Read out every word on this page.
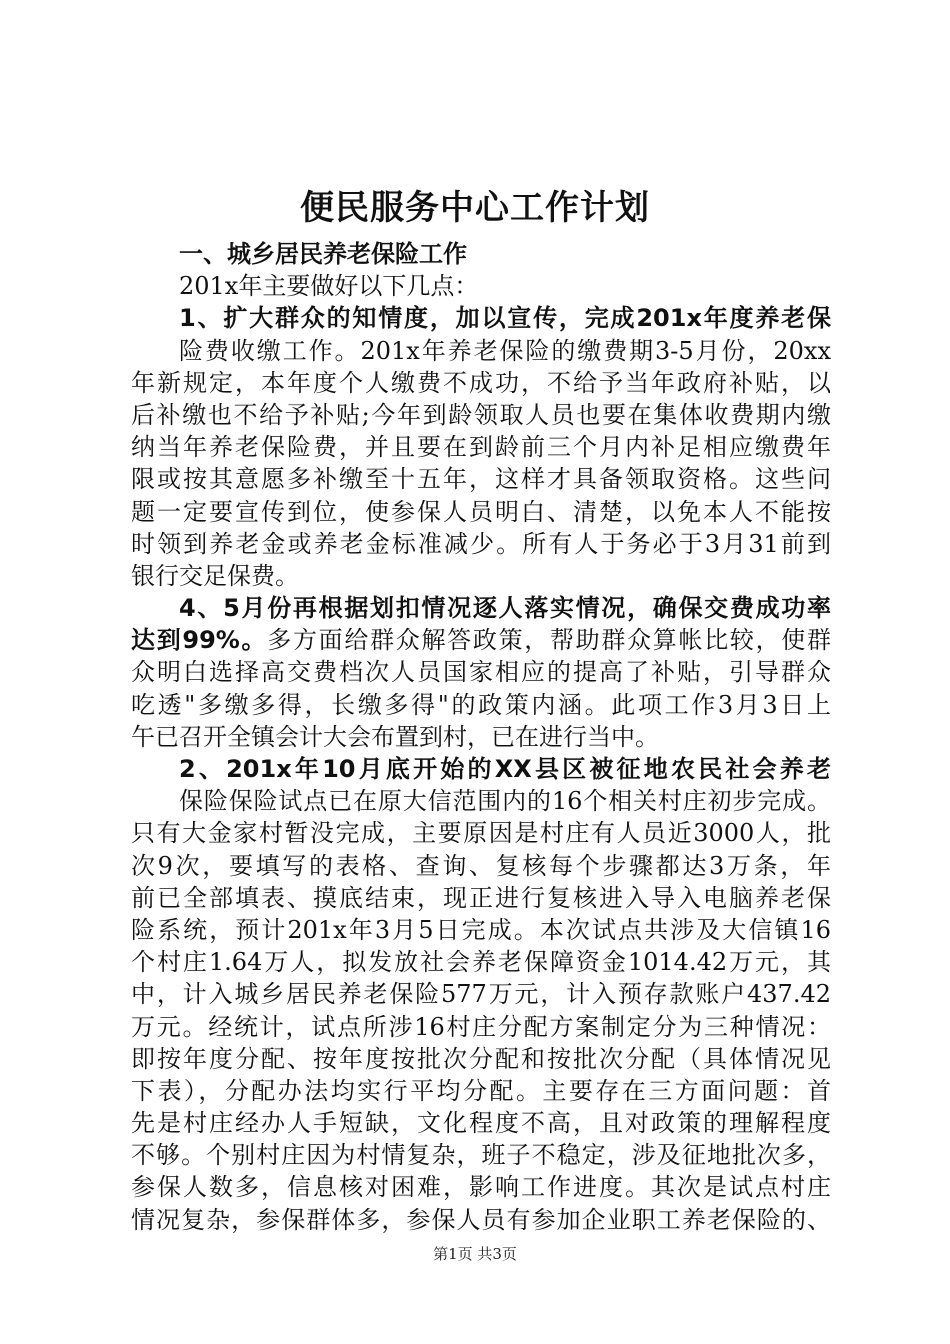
便民服务中心工作计划
一、城乡居民养老保险工作
201x年主要做好以下几点：
1、扩大群众的知情度，加以宣传，完成201x年度养老保
险费收缴工作。201x年养老保险的缴费期3-5月份，20xx
年新规定，本年度个人缴费不成功，不给予当年政府补贴，以
后补缴也不给予补贴;今年到龄领取人员也要在集体收费期内缴
纳当年养老保险费，并且要在到龄前三个月内补足相应缴费年
限或按其意愿多补缴至十五年，这样才具备领取资格。这些问
题一定要宣传到位，使参保人员明白、清楚，以免本人不能按
时领到养老金或养老金标准减少。所有人于务必于3月31前到
银行交足保费。
4、5月份再根据划扣情况逐人落实情况，确保交费成功率
达到99%。多方面给群众解答政策，帮助群众算帐比较，使群
众明白选择高交费档次人员国家相应的提高了补贴，引导群众
吃透"多缴多得，长缴多得"的政策内涵。此项工作3月3日上
午已召开全镇会计大会布置到村，已在进行当中。
2、201x年10月底开始的XX县区被征地农民社会养老
保险保险试点已在原大信范围内的16个相关村庄初步完成。
只有大金家村暂没完成，主要原因是村庄有人员近3000人，批
次9次，要填写的表格、查询、复核每个步骤都达3万条，年
前已全部填表、摸底结束，现正进行复核进入导入电脑养老保
险系统，预计201x年3月5日完成。本次试点共涉及大信镇16
个村庄1.64万人，拟发放社会养老保障资金1014.42万元，其
中，计入城乡居民养老保险577万元，计入预存款账户437.42
万元。经统计，试点所涉16村庄分配方案制定分为三种情况：
即按年度分配、按年度按批次分配和按批次分配（具体情况见
下表），分配办法均实行平均分配。主要存在三方面问题：首
先是村庄经办人手短缺，文化程度不高，且对政策的理解程度
不够。个别村庄因为村情复杂，班子不稳定，涉及征地批次多，
参保人数多，信息核对困难，影响工作进度。其次是试点村庄
情况复杂，参保群体多，参保人员有参加企业职工养老保险的、
第1页 共3页
